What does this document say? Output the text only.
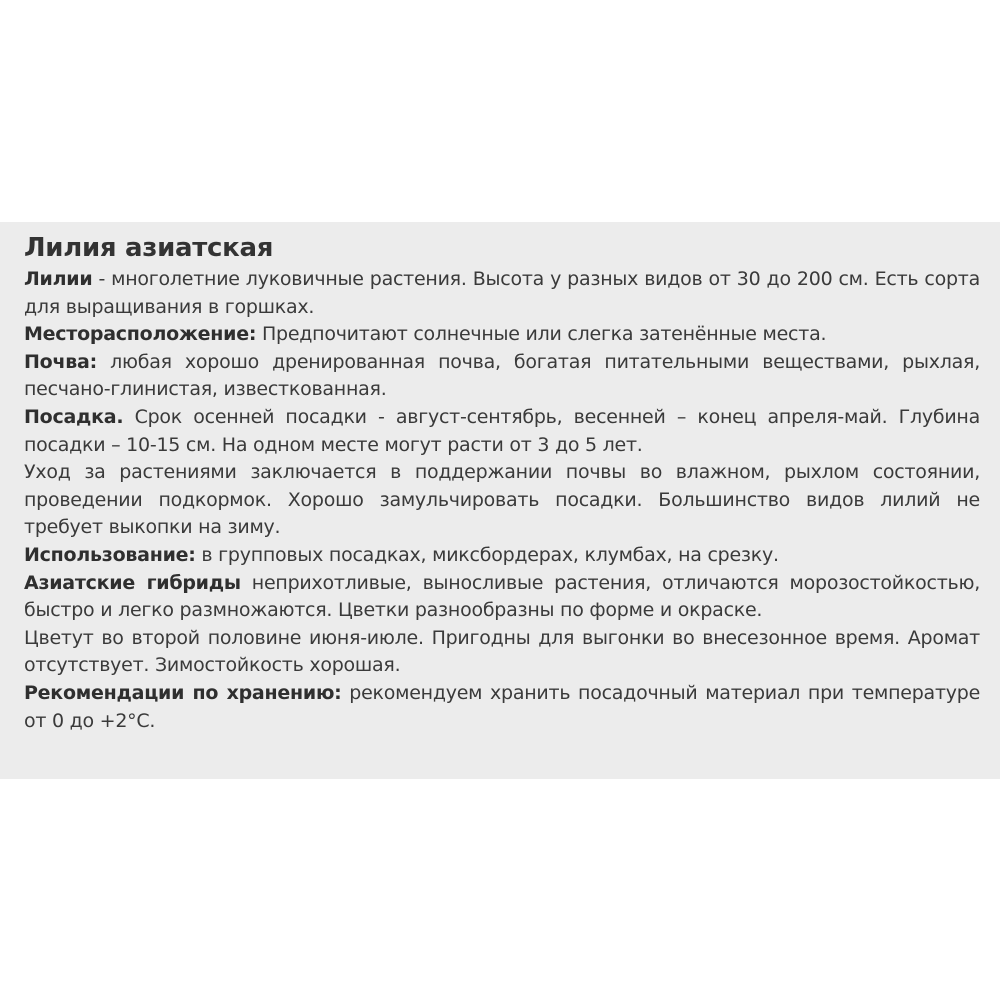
Лилия азиатская

Лилии - многолетние луковичные растения. Высота у разных видов от 30 до 200 см. Есть сорта для выращивания в горшках.

Месторасположение: Предпочитают солнечные или слегка затенённые места.

Почва: любая хорошо дренированная почва, богатая питательными веществами, рыхлая, песчано-глинистая, известкованная.

Посадка. Срок осенней посадки - август-сентябрь, весенней – конец апреля-май. Глубина посадки – 10-15 см. На одном месте могут расти от 3 до 5 лет.

Уход за растениями заключается в поддержании почвы во влажном, рыхлом состоянии, проведении подкормок. Хорошо замульчировать посадки. Большинство видов лилий не требует выкопки на зиму.

Использование: в групповых посадках, миксбордерах, клумбах, на срезку.

Азиатские гибриды неприхотливые, выносливые растения, отличаются морозостойкостью, быстро и легко размножаются. Цветки разнообразны по форме и окраске.

Цветут во второй половине июня-июле. Пригодны для выгонки во внесезонное время. Аромат отсутствует. Зимостойкость хорошая.

Рекомендации по хранению: рекомендуем хранить посадочный материал при температуре от 0 до +2°С.
